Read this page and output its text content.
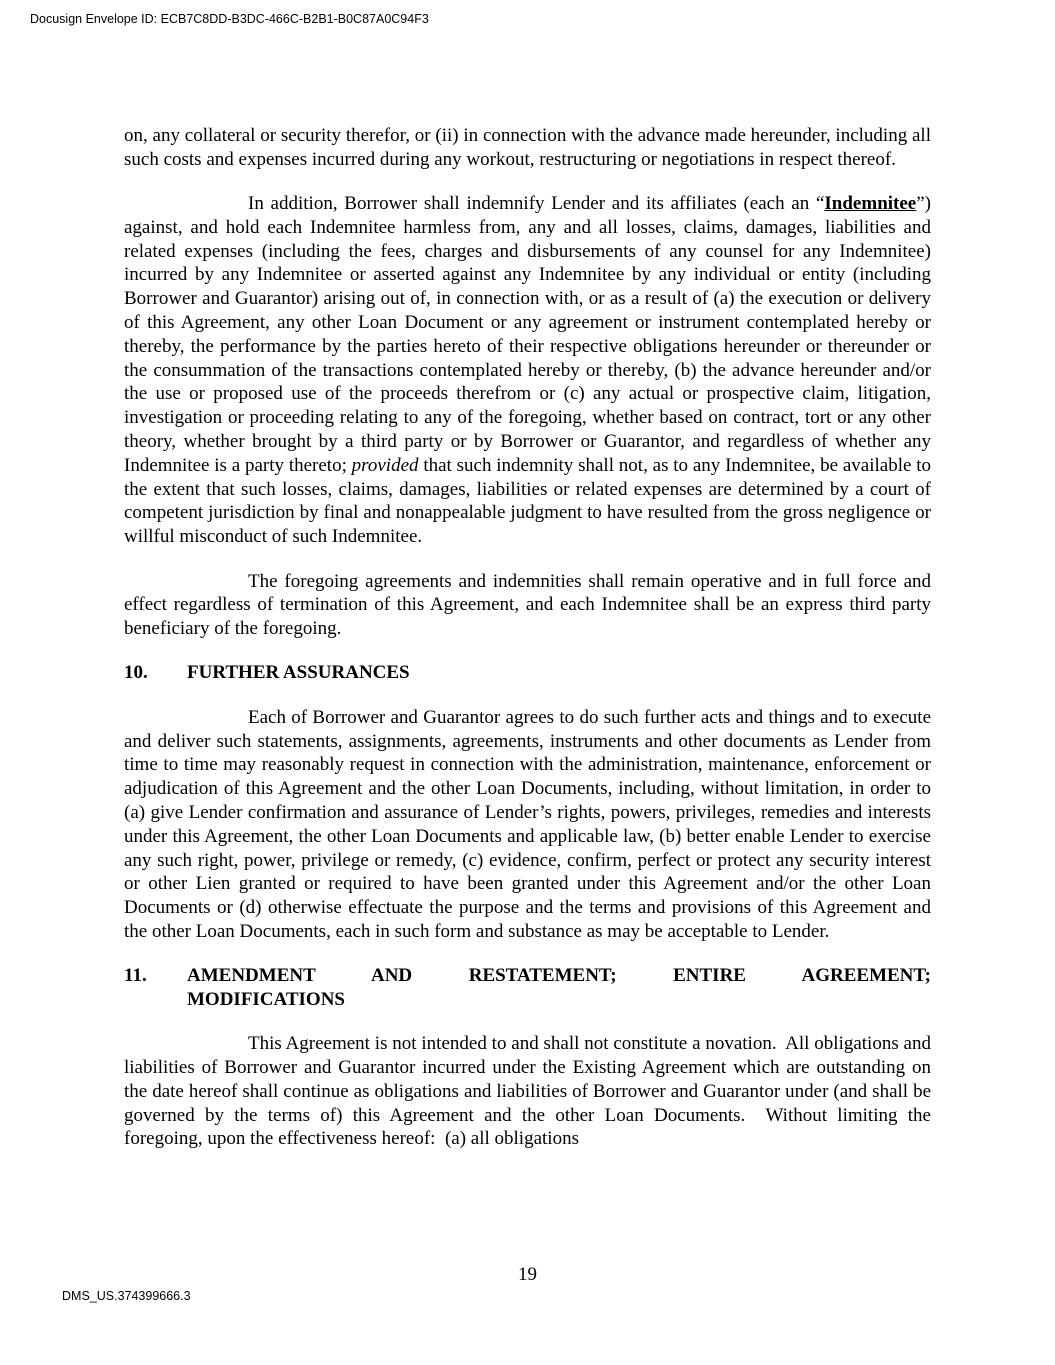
Docusign Envelope ID: ECB7C8DD-B3DC-466C-B2B1-B0C87A0C94F3

on, any collateral or security therefor, or (ii) in connection with the advance made hereunder, including all such costs and expenses incurred during any workout, restructuring or negotiations in respect thereof.

In addition, Borrower shall indemnify Lender and its affiliates (each an “Indemnitee”) against, and hold each Indemnitee harmless from, any and all losses, claims, damages, liabilities and related expenses (including the fees, charges and disbursements of any counsel for any Indemnitee) incurred by any Indemnitee or asserted against any Indemnitee by any individual or entity (including Borrower and Guarantor) arising out of, in connection with, or as a result of (a) the execution or delivery of this Agreement, any other Loan Document or any agreement or instrument contemplated hereby or thereby, the performance by the parties hereto of their respective obligations hereunder or thereunder or the consummation of the transactions contemplated hereby or thereby, (b) the advance hereunder and/or the use or proposed use of the proceeds therefrom or (c) any actual or prospective claim, litigation, investigation or proceeding relating to any of the foregoing, whether based on contract, tort or any other theory, whether brought by a third party or by Borrower or Guarantor, and regardless of whether any Indemnitee is a party thereto; provided that such indemnity shall not, as to any Indemnitee, be available to the extent that such losses, claims, damages, liabilities or related expenses are determined by a court of competent jurisdiction by final and nonappealable judgment to have resulted from the gross negligence or willful misconduct of such Indemnitee.

The foregoing agreements and indemnities shall remain operative and in full force and effect regardless of termination of this Agreement, and each Indemnitee shall be an express third party beneficiary of the foregoing.

10.	FURTHER ASSURANCES

Each of Borrower and Guarantor agrees to do such further acts and things and to execute and deliver such statements, assignments, agreements, instruments and other documents as Lender from time to time may reasonably request in connection with the administration, maintenance, enforcement or adjudication of this Agreement and the other Loan Documents, including, without limitation, in order to (a) give Lender confirmation and assurance of Lender’s rights, powers, privileges, remedies and interests under this Agreement, the other Loan Documents and applicable law, (b) better enable Lender to exercise any such right, power, privilege or remedy, (c) evidence, confirm, perfect or protect any security interest or other Lien granted or required to have been granted under this Agreement and/or the other Loan Documents or (d) otherwise effectuate the purpose and the terms and provisions of this Agreement and the other Loan Documents, each in such form and substance as may be acceptable to Lender.

11.	AMENDMENT AND RESTATEMENT; ENTIRE AGREEMENT;
MODIFICATIONS

This Agreement is not intended to and shall not constitute a novation.  All obligations and liabilities of Borrower and Guarantor incurred under the Existing Agreement which are outstanding on the date hereof shall continue as obligations and liabilities of Borrower and Guarantor under (and shall be governed by the terms of) this Agreement and the other Loan Documents.  Without limiting the foregoing, upon the effectiveness hereof:  (a) all obligations

19
DMS_US.374399666.3
